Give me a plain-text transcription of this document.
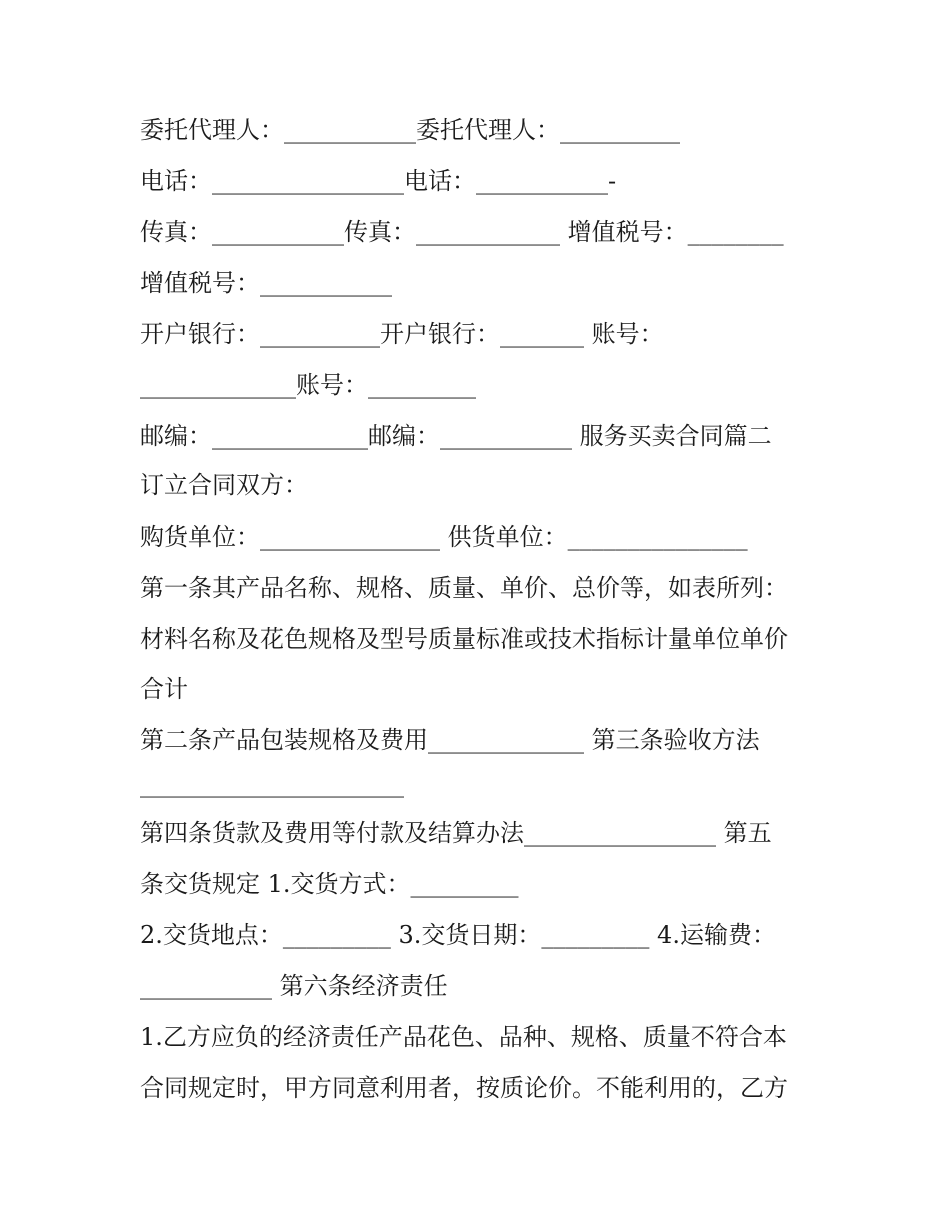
委托代理人：___________委托代理人：__________
电话：________________电话：___________-
传真：___________传真：____________ 增值税号：________
增值税号：___________
开户银行：__________开户银行：_______ 账号：
_____________账号：_________
邮编：_____________邮编：___________ 服务买卖合同篇二
订立合同双方：
购货单位：_______________ 供货单位：_______________
第一条其产品名称、规格、质量、单价、总价等，如表所列：
材料名称及花色规格及型号质量标准或技术指标计量单位单价
合计
第二条产品包装规格及费用_____________ 第三条验收方法
______________________
第四条货款及费用等付款及结算办法________________ 第五
条交货规定 1.交货方式：_________
2.交货地点：_________ 3.交货日期：_________ 4.运输费：
___________ 第六条经济责任
1.乙方应负的经济责任产品花色、品种、规格、质量不符合本
合同规定时，甲方同意利用者，按质论价。不能利用的，乙方
